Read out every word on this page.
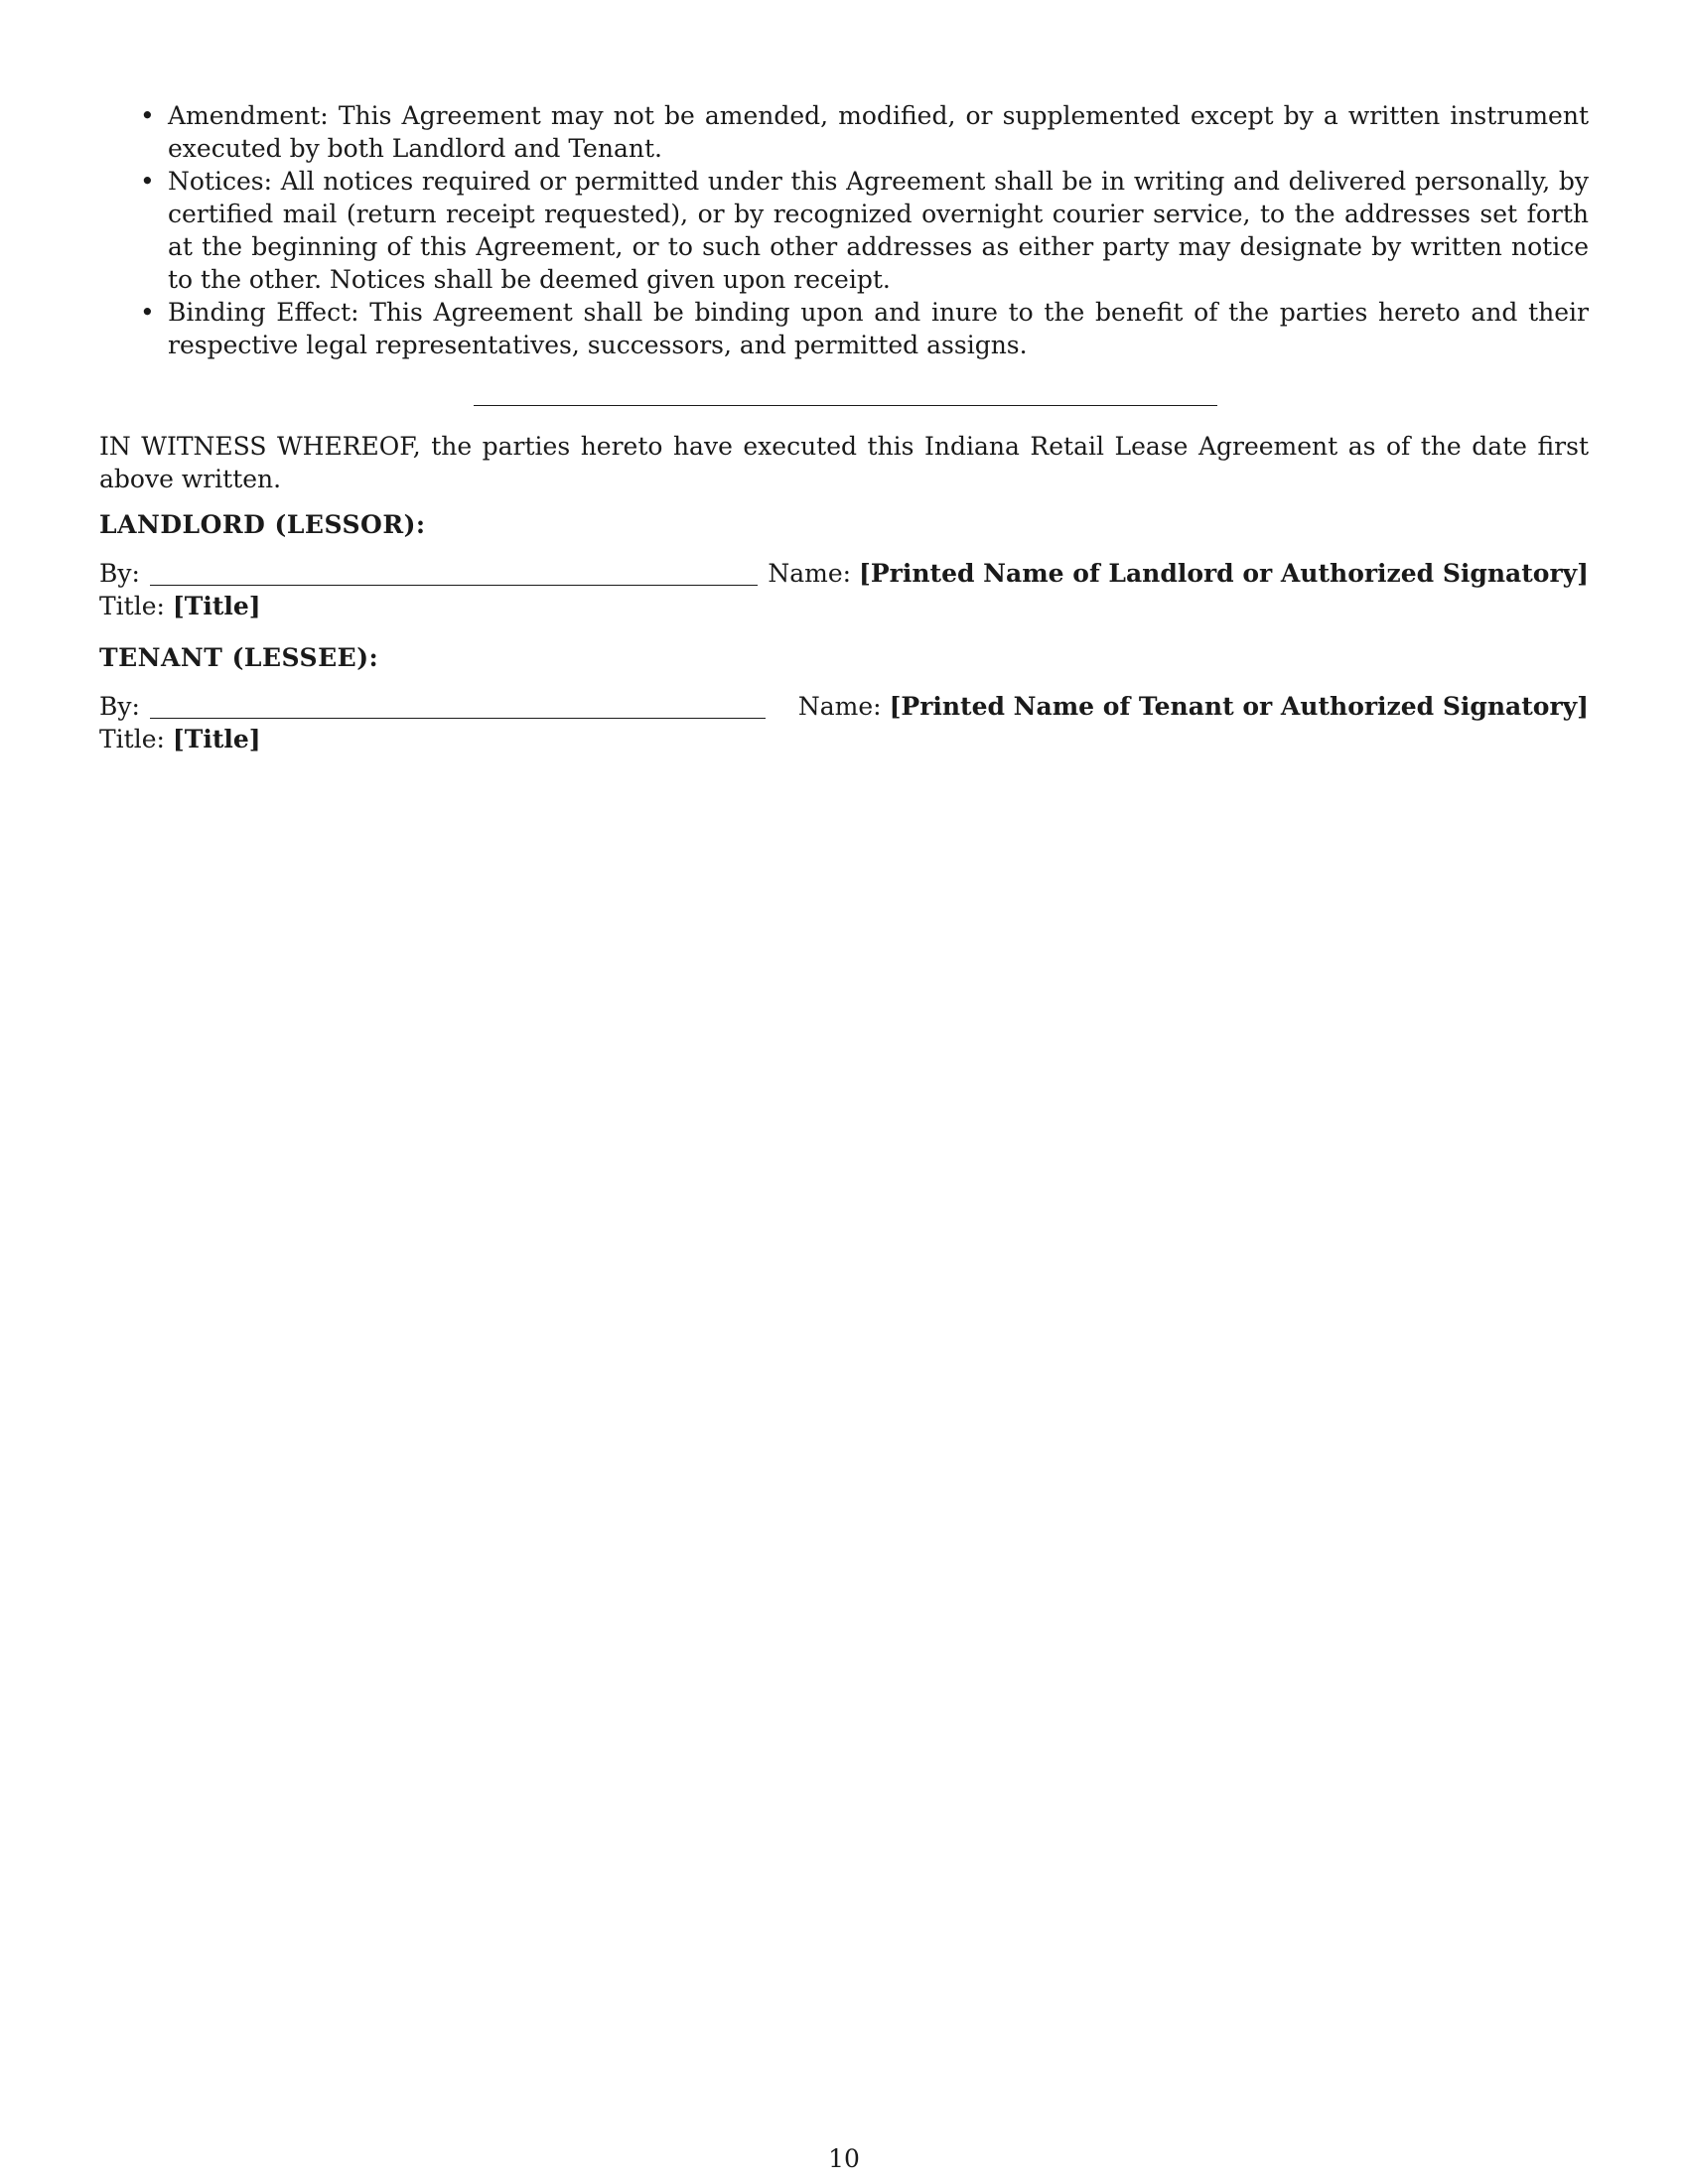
• Amendment: This Agreement may not be amended, modified, or supplemented except by a written instrument executed by both Landlord and Tenant.
• Notices: All notices required or permitted under this Agreement shall be in writing and delivered personally, by certified mail (return receipt requested), or by recognized overnight courier service, to the addresses set forth at the beginning of this Agreement, or to such other addresses as either party may designate by written notice to the other. Notices shall be deemed given upon receipt.
• Binding Effect: This Agreement shall be binding upon and inure to the benefit of the parties hereto and their respective legal representatives, successors, and permitted assigns.
IN WITNESS WHEREOF, the parties hereto have executed this Indiana Retail Lease Agreement as of the date first above written.
LANDLORD (LESSOR):
By:	Name: [Printed Name of Landlord or Authorized Signatory]
Title: [Title]
TENANT (LESSEE):
By:	Name: [Printed Name of Tenant or Authorized Signatory]
Title: [Title]
10
